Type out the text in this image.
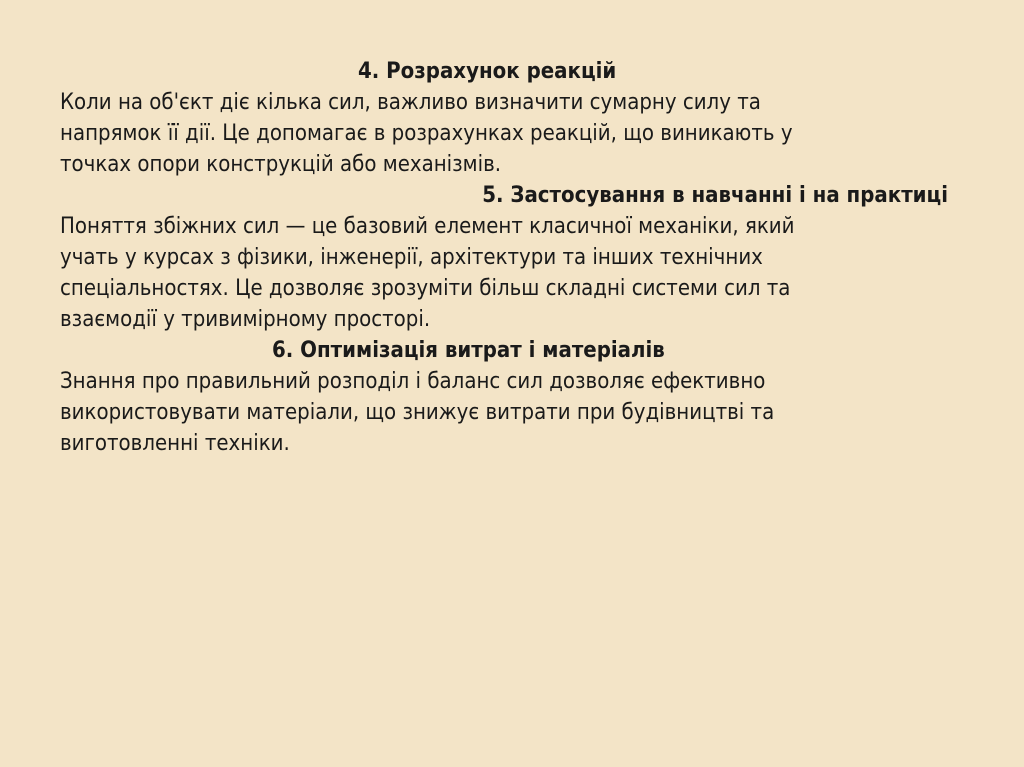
4. Розрахунок реакцій

Коли на об'єкт діє кілька сил, важливо визначити сумарну силу та

напрямок її дії. Це допомагає в розрахунках реакцій, що виникають у

точках опори конструкцій або механізмів.

5. Застосування в навчанні і на практиці

Поняття збіжних сил — це базовий елемент класичної механіки, який

учать у курсах з фізики, інженерії, архітектури та інших технічних

спеціальностях. Це дозволяє зрозуміти більш складні системи сил та

взаємодії у тривимірному просторі.

6. Оптимізація витрат і матеріалів

Знання про правильний розподіл і баланс сил дозволяє ефективно

використовувати матеріали, що знижує витрати при будівництві та

виготовленні техніки.
